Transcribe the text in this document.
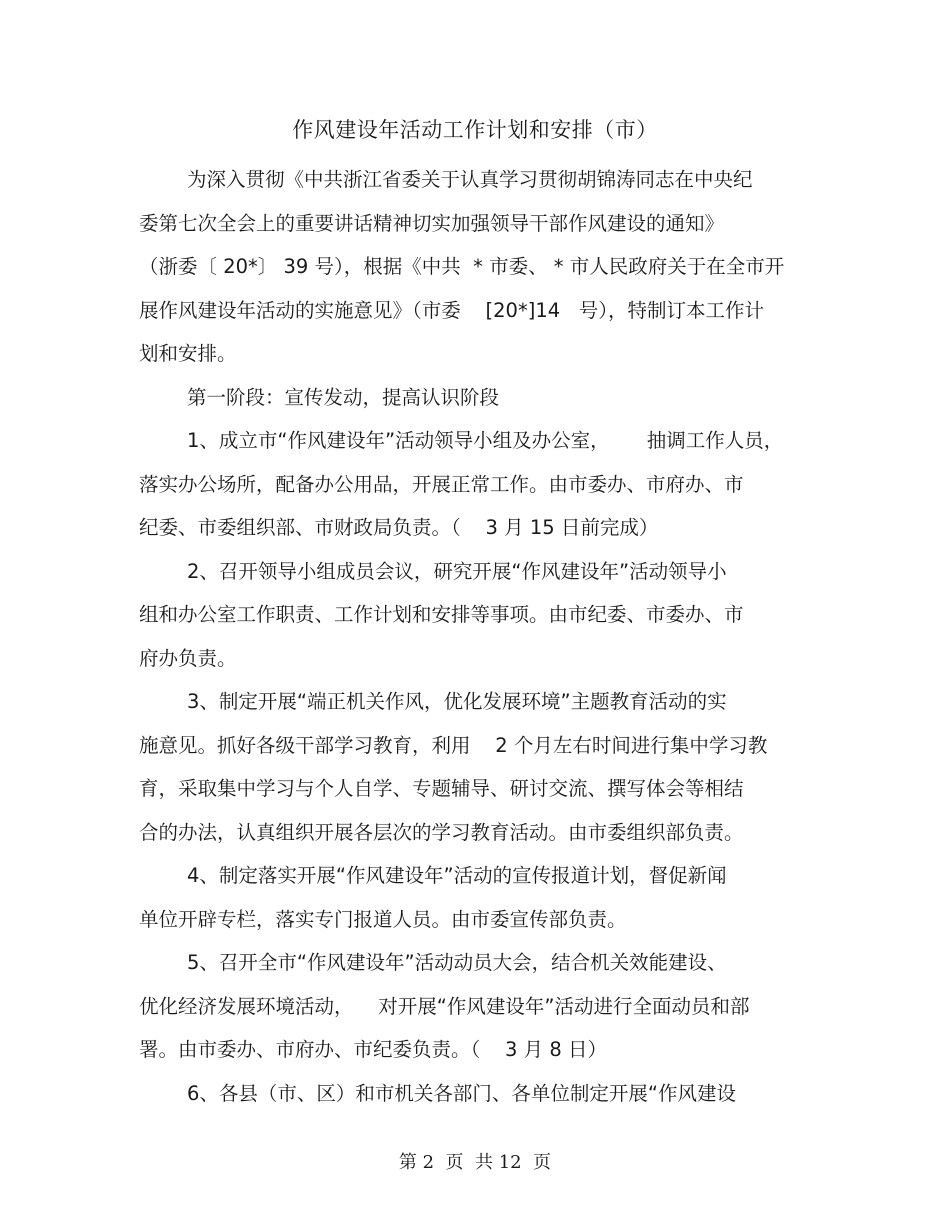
作风建设年活动工作计划和安排（市）
为深入贯彻《中共浙江省委关于认真学习贯彻胡锦涛同志在中央纪
委第七次全会上的重要讲话精神切实加强领导干部作风建设的通知》
（浙委〔 20*〕 39 号），根据《中共  * 市委、 * 市人民政府关于在全市开
展作风建设年活动的实施意见》（市委    [20*]14   号），特制订本工作计
划和安排。
第一阶段：宣传发动，提高认识阶段
1、成立市“作风建设年”活动领导小组及办公室，      抽调工作人员，
落实办公场所，配备办公用品，开展正常工作。由市委办、市府办、市
纪委、市委组织部、市财政局负责。（    3 月 15 日前完成）
2、召开领导小组成员会议，研究开展“作风建设年”活动领导小
组和办公室工作职责、工作计划和安排等事项。由市纪委、市委办、市
府办负责。
3、制定开展“端正机关作风，优化发展环境”主题教育活动的实
施意见。抓好各级干部学习教育，利用    2 个月左右时间进行集中学习教
育，采取集中学习与个人自学、专题辅导、研讨交流、撰写体会等相结
合的办法，认真组织开展各层次的学习教育活动。由市委组织部负责。
4、制定落实开展“作风建设年”活动的宣传报道计划，督促新闻
单位开辟专栏，落实专门报道人员。由市委宣传部负责。
5、召开全市“作风建设年”活动动员大会，结合机关效能建设、
优化经济发展环境活动，    对开展“作风建设年”活动进行全面动员和部
署。由市委办、市府办、市纪委负责。（    3 月 8 日）
6、各县（市、区）和市机关各部门、各单位制定开展“作风建设
第 2  页  共 12  页
